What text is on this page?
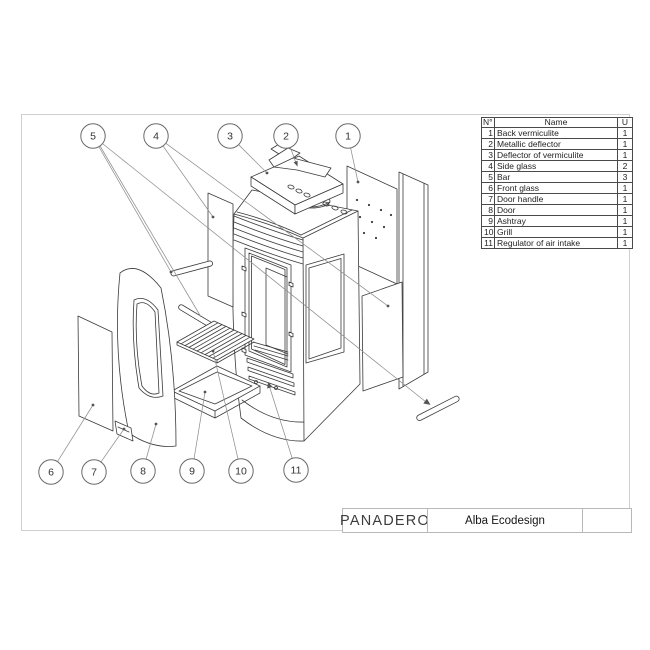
1
2
3
4
5
6	7	8	9	10	11
N°	Name	U
1	Back vermiculite	1
2	Metallic deflector	1
3	Deflector of vermiculite	1
4	Side glass	2
5	Bar	3
6	Front glass	1
7	Door handle	1
8	Door	1
9	Ashtray	1
10	Grill	1
11	Regulator of air intake	1
PANADERO	Alba Ecodesign
